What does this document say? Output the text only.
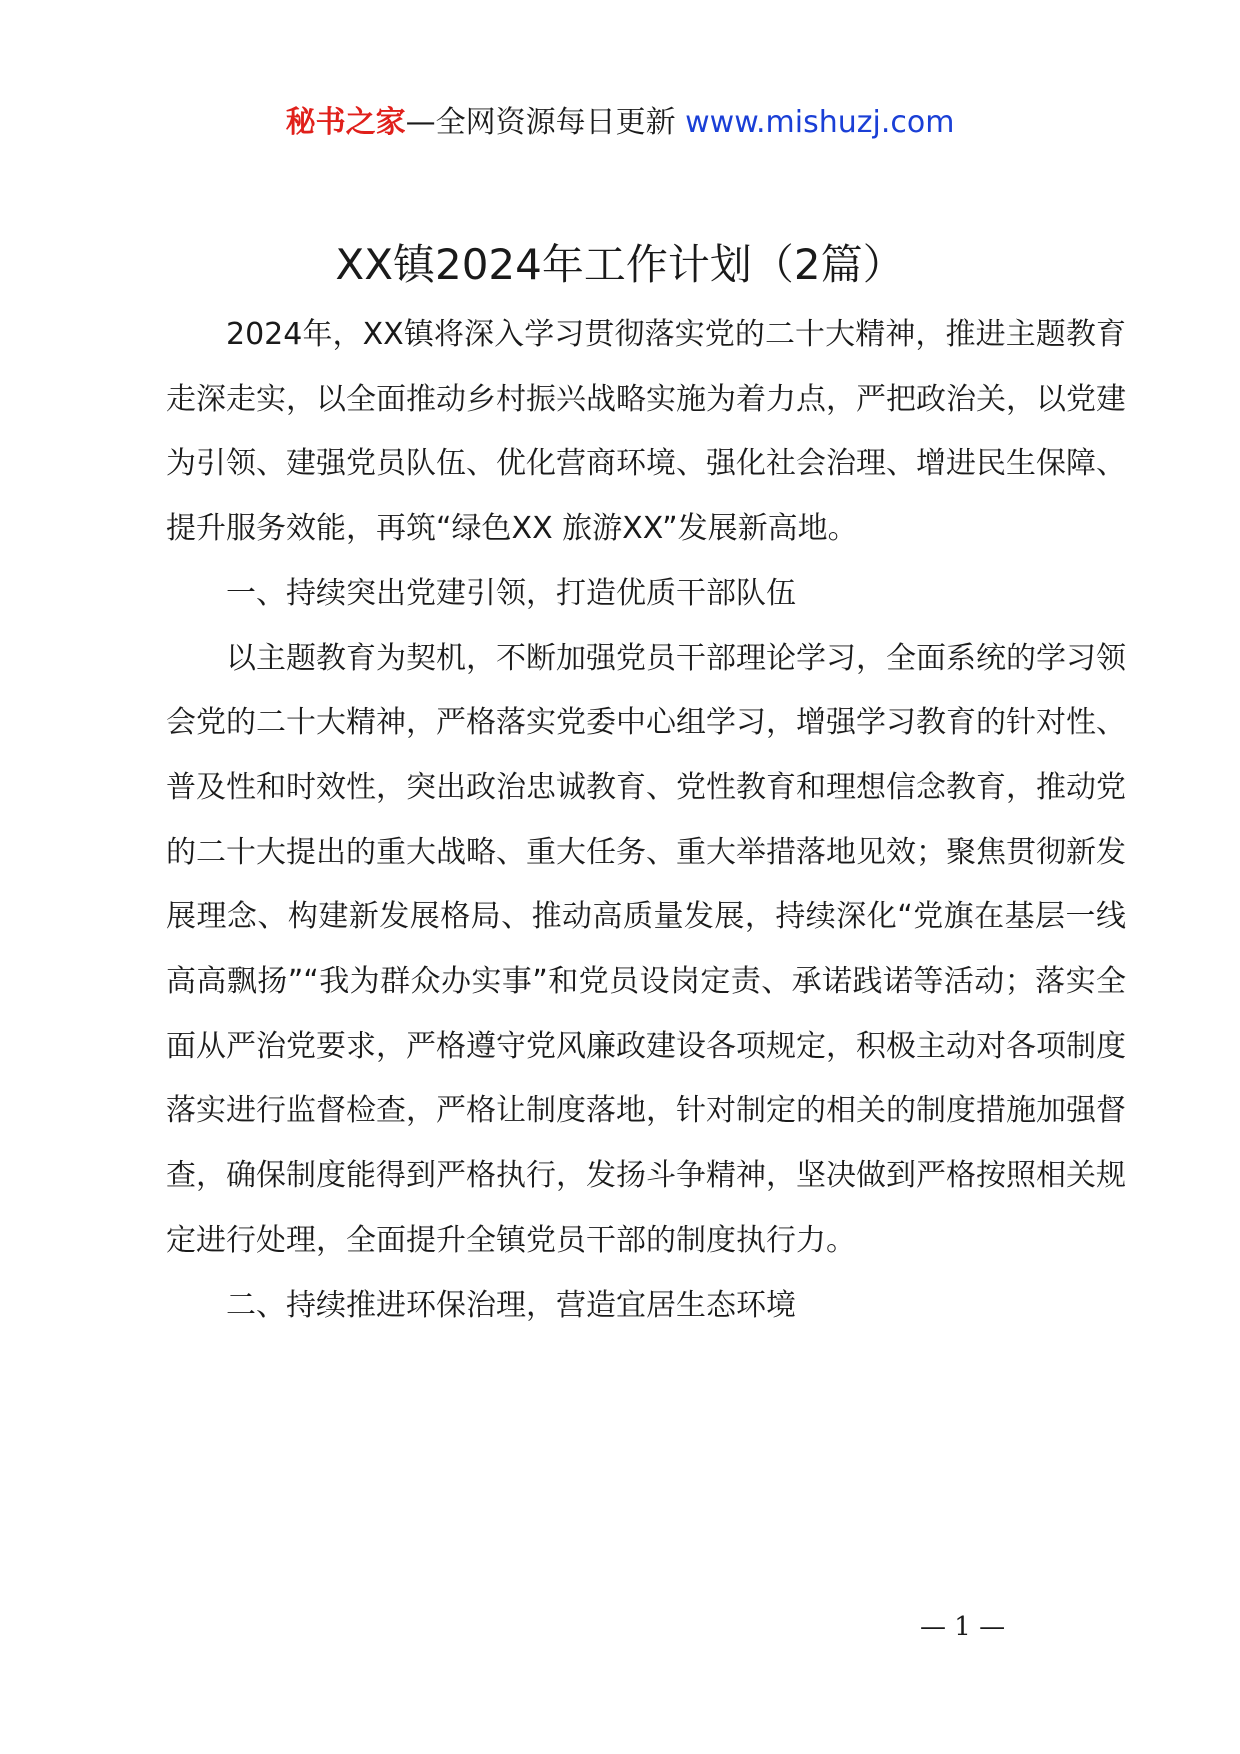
秘书之家—全网资源每日更新 www.mishuzj.com
XX镇2024年工作计划（2篇）

2024年，XX镇将深入学习贯彻落实党的二十大精神，推进主题教育走深走实，以全面推动乡村振兴战略实施为着力点，严把政治关，以党建为引领、建强党员队伍、优化营商环境、强化社会治理、增进民生保障、提升服务效能，再筑“绿色XX 旅游XX”发展新高地。

一、持续突出党建引领，打造优质干部队伍

以主题教育为契机，不断加强党员干部理论学习，全面系统的学习领会党的二十大精神，严格落实党委中心组学习，增强学习教育的针对性、普及性和时效性，突出政治忠诚教育、党性教育和理想信念教育，推动党的二十大提出的重大战略、重大任务、重大举措落地见效；聚焦贯彻新发展理念、构建新发展格局、推动高质量发展，持续深化“党旗在基层一线高高飘扬”“我为群众办实事”和党员设岗定责、承诺践诺等活动；落实全面从严治党要求，严格遵守党风廉政建设各项规定，积极主动对各项制度落实进行监督检查，严格让制度落地，针对制定的相关的制度措施加强督查，确保制度能得到严格执行，发扬斗争精神，坚决做到严格按照相关规定进行处理，全面提升全镇党员干部的制度执行力。

二、持续推进环保治理，营造宜居生态环境
— 1 —
